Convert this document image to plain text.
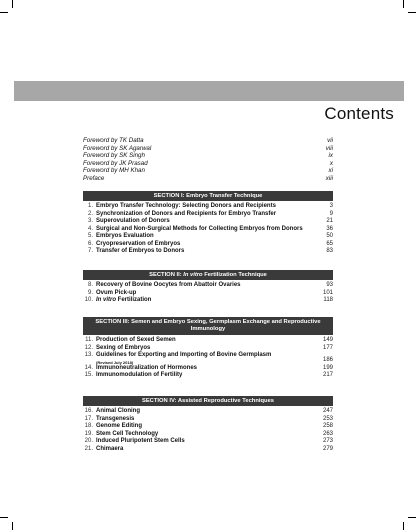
Contents
Foreword by TK Datta	vii
Foreword by SK Agarwal	viii
Foreword by SK Singh	ix
Foreword by JK Prasad	x
Foreword by MH Khan	xi
Preface	xiii
SECTION I: Embryo Transfer Technique
1. Embryo Transfer Technology: Selecting Donors and Recipients	3
2. Synchronization of Donors and Recipients for Embryo Transfer	9
3. Superovulation of Donors	21
4. Surgical and Non-Surgical Methods for Collecting Embryos from Donors	36
5. Embryos Evaluation	50
6. Cryopreservation of Embryos	65
7. Transfer of Embryos to Donors	83
SECTION II: In vitro Fertilization Technique
8. Recovery of Bovine Oocytes from Abattoir Ovaries	93
9. Ovum Pick-up	101
10. In vitro Fertilization	118
SECTION III: Semen and Embryo Sexing, Germplasm Exchange and Reproductive Immunology
11. Production of Sexed Semen	149
12. Sexing of Embryos	177
13. Guidelines for Exporting and Importing of Bovine Germplasm
(Revised July 2018)	186
14. Immunoneutralization of Hormones	199
15. Immunomodulation of Fertility	217
SECTION IV: Assisted Reproductive Techniques
16. Animal Cloning	247
17. Transgenesis	253
18. Genome Editing	258
19. Stem Cell Technology	263
20. Induced Pluripotent Stem Cells	273
21. Chimaera	279
